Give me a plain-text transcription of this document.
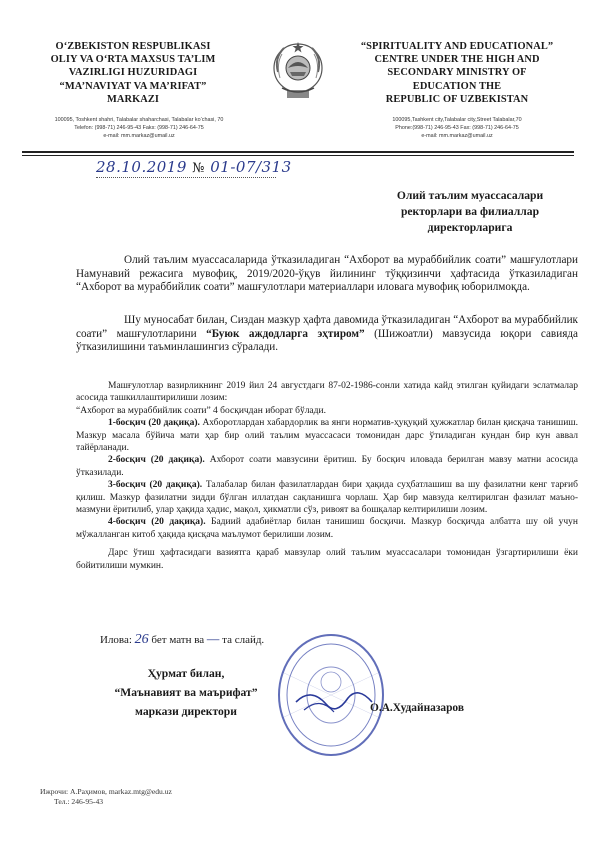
O‘ZBEKISTON RESPUBLIKASI
OLIY VA O‘RTA MAXSUS TA’LIM
VAZIRLIGI HUZURIDAGI
“MA’NAVIYAT VA MA’RIFAT”
MARKAZI
“SPIRITUALITY AND EDUCATIONAL”
CENTRE UNDER THE HIGH AND
SECONDARY MINISTRY OF
EDUCATION THE
REPUBLIC OF UZBEKISTAN
100095, Toshkent shahri, Talabalar shaharchasi, Talabalar ko‘chasi, 70
Telefon: (998-71) 246-95-43 Faks: (998-71) 246-64-75
e-mail: mm.markaz@umail.uz
100095,Tashkent city,Talabalar city,Street Talabalar,70
Phone:(998-71) 246-95-43 Fax: (998-71) 246-64-75
e-mail: mm.markaz@umail.uz
28.10.2019 № 01-07/313
Олий таълим муассасалари
ректорлари ва филиаллар
директорларига
Олий таълим муассасаларида ўтказиладиган “Ахборот ва мураббийлик соати” машғулотлари Намунавий режасига мувофиқ, 2019/2020-ўқув йилининг тўққизинчи ҳафтасида ўтказиладиган “Ахборот ва мураббийлик соати” машғулотлари материаллари иловага мувофиқ юборилмоқда.
Шу муносабат билан, Сиздан мазкур ҳафта давомида ўтказиладиган “Ахборот ва мураббийлик соати” машғулотларини “Буюк аждодларга эҳтиром” (Шижоатли) мавзусида юқори савияда ўтказилишини таъминлашингиз сўралади.
Машғулотлар вазирликнинг 2019 йил 24 августдаги 87-02-1986-сонли хатида кайд этилган қуйидаги эслатмалар асосида ташкиллаштирилиши лозим:
“Ахборот ва мураббийлик соати” 4 босқичдан иборат бўлади.
1-босқич (20 дақиқа). Ахборотлардан хабардорлик ва янги норматив-ҳуқуқий ҳужжатлар билан қисқача танишиш. Мазкур масала бўйича мати ҳар бир олий таълим муассасаси томонидан дарс ўтиладиган кундан бир кун аввал тайёрланади.
2-босқич (20 дақиқа). Ахборот соати мавзусини ёритиш. Бу босқич иловада берилган мавзу матни асосида ўтказилади.
3-босқич (20 дақиқа). Талабалар билан фазилатлардан бири ҳақида суҳбатлашиш ва шу фазилатни кенг тарғиб қилиш. Мазкур фазилатни зидди бўлган иллатдан сақланишга чорлаш. Ҳар бир мавзуда келтирилган фазилат маъно-мазмуни ёритилиб, улар ҳақида ҳадис, мақол, ҳикматли сўз, ривоят ва бошқалар келтирилиши лозим.
4-босқич (20 дақиқа). Бадиий адабиётлар билан танишиш босқичи. Мазкур босқичда албатта шу ой учун мўжалланган китоб ҳақида қисқача маълумот берилиши лозим.
Дарс ўтиш ҳафтасидаги вазиятга қараб мавзулар олий таълим муассасалари томонидан ўзгартирилиши ёки бойитилиши мумкин.
Илова: 26 бет матн ва — та слайд.
Ҳурмат билан,
“Маънавият ва маърифат”
маркази директори	О.А.Худайназаров
Ижрочи: А.Раҳимов, markaz.mtg@edu.uz
Тел.: 246-95-43
